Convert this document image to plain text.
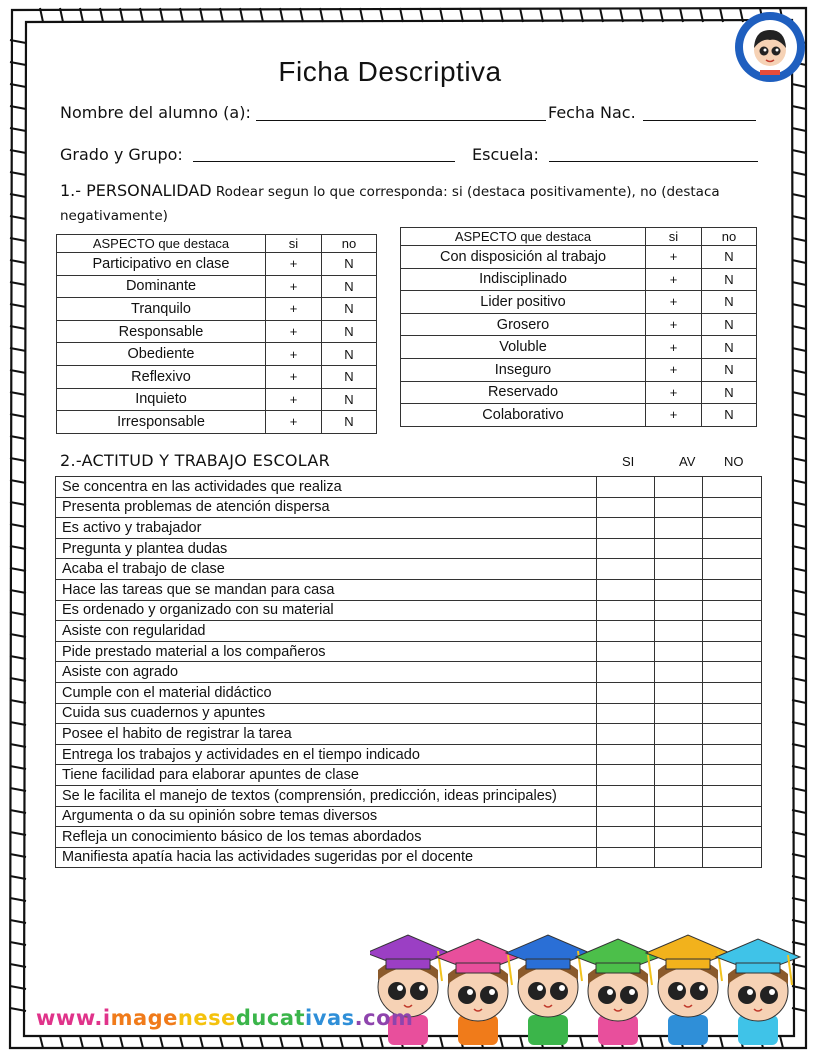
Ficha Descriptiva
Nombre del alumno (a):	Fecha Nac.
Grado y Grupo:	Escuela:
1.- PERSONALIDAD Rodear segun lo que corresponda: si (destaca positivamente), no (destaca negativamente)
ASPECTO que destaca	si	no
Participativo en clase	+	N
Dominante	+	N
Tranquilo	+	N
Responsable	+	N
Obediente	+	N
Reflexivo	+	N
Inquieto	+	N
Irresponsable	+	N
ASPECTO que destaca	si	no
Con disposición al trabajo	+	N
Indisciplinado	+	N
Lider positivo	+	N
Grosero	+	N
Voluble	+	N
Inseguro	+	N
Reservado	+	N
Colaborativo	+	N
2.-ACTITUD Y TRABAJO ESCOLAR	SI	AV NO
Se concentra en las actividades que realiza			
Presenta problemas de atención dispersa			
Es activo y trabajador			
Pregunta y plantea dudas			
Acaba el trabajo de clase			
Hace las tareas que se mandan para casa			
Es ordenado y organizado con su material			
Asiste con regularidad			
Pide prestado material a los compañeros			
Asiste con agrado			
Cumple con el material didáctico			
Cuida sus cuadernos y apuntes			
Posee el habito de registrar la tarea			
Entrega los trabajos y actividades en el tiempo indicado			
Tiene facilidad para elaborar apuntes de clase			
Se le facilita el manejo de textos (comprensión, predicción, ideas principales)			
Argumenta o da su opinión sobre temas diversos			
Refleja un conocimiento básico de los temas abordados			
Manifiesta apatía hacia las actividades sugeridas por el docente			
www.imageneseducativas.com
